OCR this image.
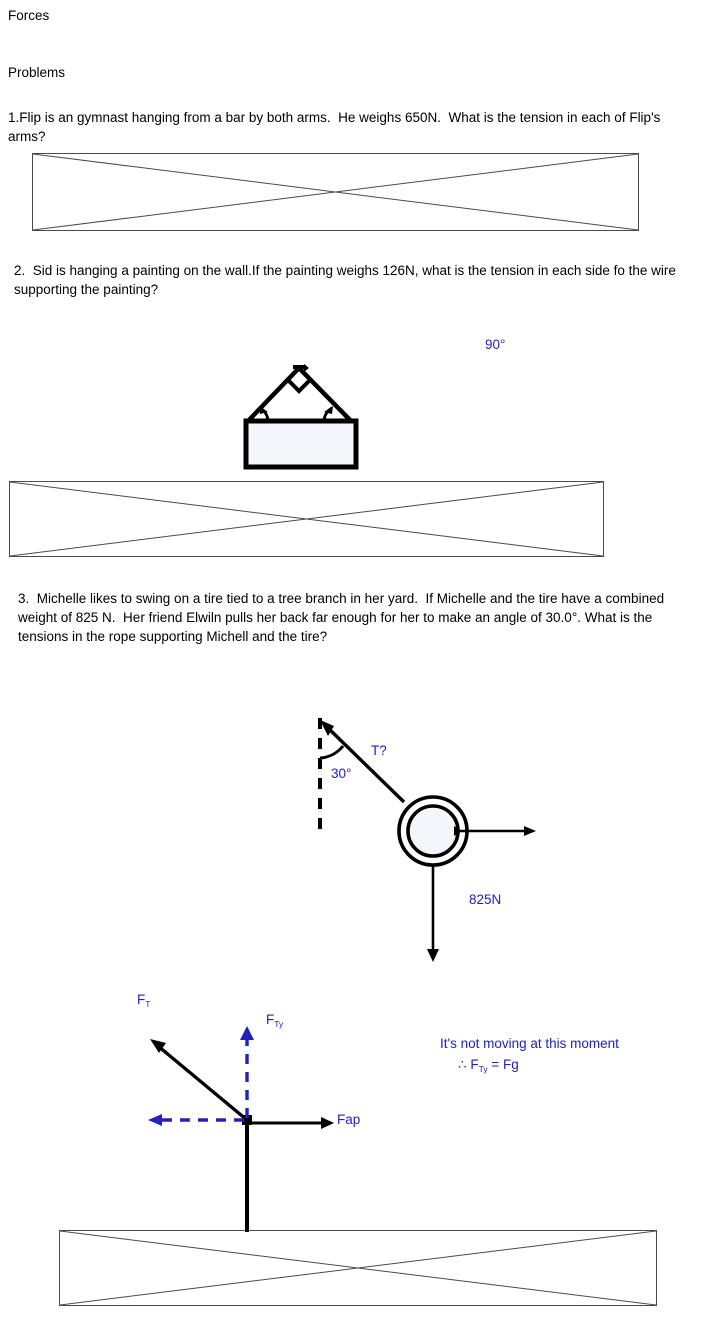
Forces
Problems
1.Flip is an gymnast hanging from a bar by both arms.  He weighs 650N.  What is the tension in each of Flip's arms?
2.  Sid is hanging a painting on the wall.If the painting weighs 126N, what is the tension in each side fo the wire supporting the painting?
3.  Michelle likes to swing on a tire tied to a tree branch in her yard.  If Michelle and the tire have a combined weight of 825 N.  Her friend Elwiln pulls her back far enough for her to make an angle of 30.0°. What is the tensions in the rope supporting Michell and the tire?
90°
T?
30°
825N
$F_T$
$F_{Ty}$
Fap
It's not moving at this moment
∴ $F_{Ty} = Fg$
